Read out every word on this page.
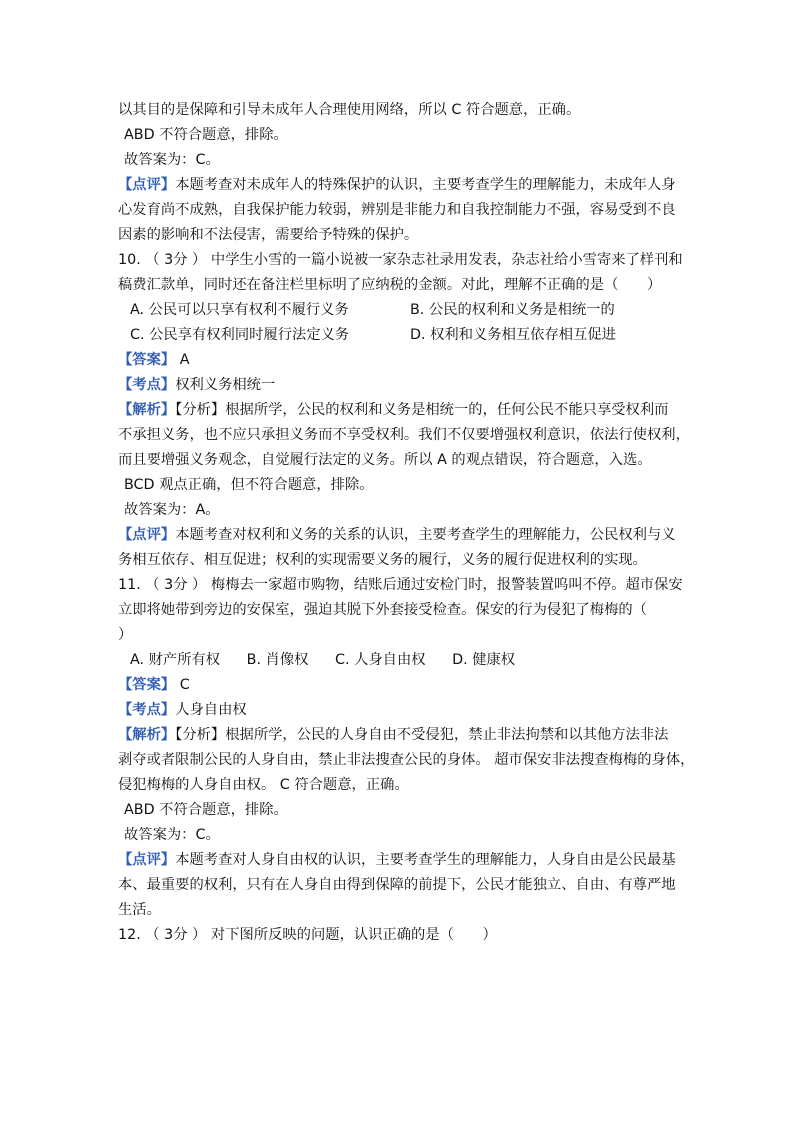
以其目的是保障和引导未成年人合理使用网络，所以 C 符合题意，正确。
ABD 不符合题意，排除。
故答案为：C。
【点评】本题考查对未成年人的特殊保护的认识，主要考查学生的理解能力，未成年人身
心发育尚不成熟，自我保护能力较弱，辨别是非能力和自我控制能力不强，容易受到不良
因素的影响和不法侵害，需要给予特殊的保护。
10. （ 3分 ） 中学生小雪的一篇小说被一家杂志社录用发表，杂志社给小雪寄来了样刊和
稿费汇款单，同时还在备注栏里标明了应纳税的金额。对此，理解不正确的是（　　）
A. 公民可以只享有权利不履行义务	B. 公民的权利和义务是相统一的
C. 公民享有权利同时履行法定义务	D. 权利和义务相互依存相互促进
【答案】 A
【考点】权利义务相统一
【解析】【分析】根据所学，公民的权利和义务是相统一的，任何公民不能只享受权利而
不承担义务，也不应只承担义务而不享受权利。我们不仅要增强权利意识，依法行使权利，
而且要增强义务观念，自觉履行法定的义务。所以 A 的观点错误，符合题意，入选。
BCD 观点正确，但不符合题意，排除。
故答案为：A。
【点评】本题考查对权利和义务的关系的认识，主要考查学生的理解能力，公民权利与义
务相互依存、相互促进；权利的实现需要义务的履行，义务的履行促进权利的实现。
11. （ 3分 ） 梅梅去一家超市购物，结账后通过安检门时，报警装置呜叫不停。超市保安
立即将她带到旁边的安保室，强迫其脱下外套接受检查。保安的行为侵犯了梅梅的（
）
A. 财产所有权 B. 肖像权 C. 人身自由权 D. 健康权
【答案】 C
【考点】人身自由权
【解析】【分析】根据所学，公民的人身自由不受侵犯，禁止非法拘禁和以其他方法非法
剥夺或者限制公民的人身自由，禁止非法搜查公民的身体。 超市保安非法搜查梅梅的身体，
侵犯梅梅的人身自由权。 C 符合题意，正确。
ABD 不符合题意，排除。
故答案为：C。
【点评】本题考查对人身自由权的认识，主要考查学生的理解能力，人身自由是公民最基
本、最重要的权利，只有在人身自由得到保障的前提下，公民才能独立、自由、有尊严地
生活。
12. （ 3分 ） 对下图所反映的问题，认识正确的是（　　）
